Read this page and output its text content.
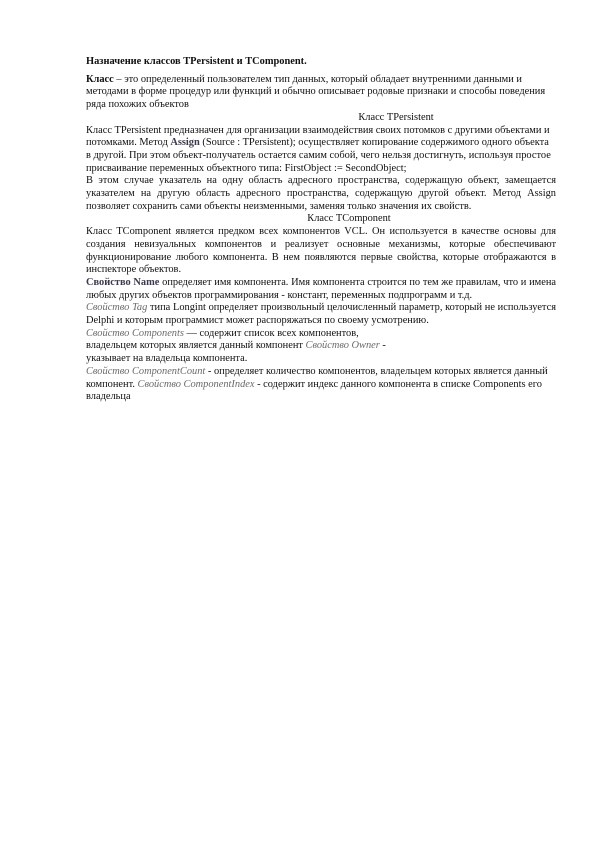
Назначение классов TPersistent и TComponent.

Класс – это определенный пользователем тип данных, который обладает внутренними данными и методами в форме процедур или функций и обычно описывает родовые признаки и способы поведения ряда похожих объектов

Класс TPersistent

Класс TPersistent предназначен для организации взаимодействия своих потомков с другими объектами и потомками. Метод Assign (Source : TPersistent); осуществляет копирование содержимого одного объекта в другой. При этом объект-получатель остается самим собой, чего нельзя достигнуть, используя простое присваивание переменных объектного типа: FirstObject := SecondObject;

В этом случае указатель на одну область адресного пространства, содержащую объект, замещается указателем на другую область адресного пространства, содержащую другой объект. Метод Assign позволяет сохранить сами объекты неизменными, заменяя только значения их свойств.

Класс TComponent

Класс TComponent является предком всех компонентов VCL. Он используется в качестве основы для создания невизуальных компонентов и реализует основные механизмы, которые обеспечивают функционирование любого компонента. В нем появляются первые свойства, которые отображаются в инспекторе объектов.

Свойство Name определяет имя компонента. Имя компонента строится по тем же правилам, что и имена любых других объектов программирования - констант, переменных подпрограмм и т.д.

Свойство Tag типа Longint определяет произвольный целочисленный параметр, который не используется Delphi и которым программист может распоряжаться по своему усмотрению.

Свойство Components — содержит список всех компонентов,

владельцем которых является данный компонент Свойство Owner -

указывает на владельца компонента.

Свойство ComponentCount - определяет количество компонентов, владельцем которых является данный компонент. Свойство ComponentIndex - содержит индекс данного компонента в списке Components его владельца
